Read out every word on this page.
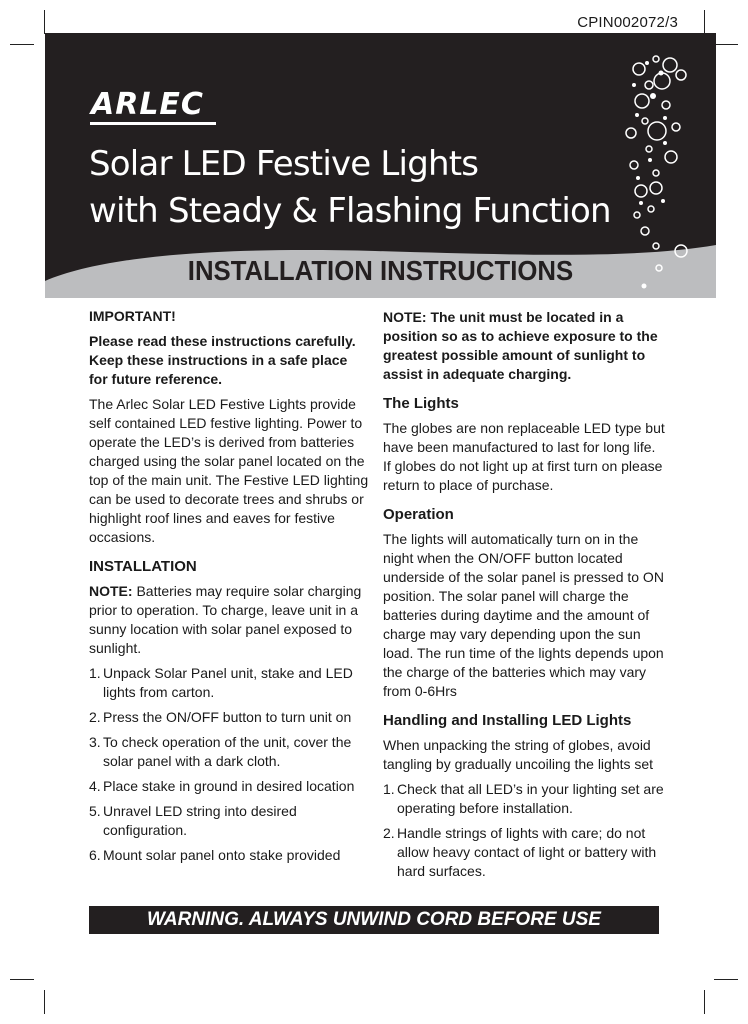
CPIN002072/3
ARLEC
Solar LED Festive Lights
with Steady & Flashing Function
INSTALLATION INSTRUCTIONS

IMPORTANT!

Please read these instructions carefully. Keep these instructions in a safe place for future reference.

The Arlec Solar LED Festive Lights provide self contained LED festive lighting. Power to operate the LED’s is derived from batteries charged using the solar panel located on the top of the main unit. The Festive LED lighting can be used to decorate trees and shrubs or highlight roof lines and eaves for festive occasions.

INSTALLATION

NOTE: Batteries may require solar charging prior to operation. To charge, leave unit in a sunny location with solar panel exposed to sunlight.

1. Unpack Solar Panel unit, stake and LED lights from carton.
2. Press the ON/OFF button to turn unit on
3. To check operation of the unit, cover the solar panel with a dark cloth.
4. Place stake in ground in desired location
5. Unravel LED string into desired configuration.
6. Mount solar panel onto stake provided

NOTE: The unit must be located in a position so as to achieve exposure to the greatest possible amount of sunlight to assist in adequate charging.

The Lights

The globes are non replaceable LED type but have been manufactured to last for long life. If globes do not light up at first turn on please return to place of purchase.

Operation

The lights will automatically turn on in the night when the ON/OFF button located underside of the solar panel is pressed to ON position. The solar panel will charge the batteries during daytime and the amount of charge may vary depending upon the sun load. The run time of the lights depends upon the charge of the batteries which may vary from 0-6Hrs

Handling and Installing LED Lights

When unpacking the string of globes, avoid tangling by gradually uncoiling the lights set

1. Check that all LED’s in your lighting set are operating before installation.
2. Handle strings of lights with care; do not allow heavy contact of light or battery with hard surfaces.
WARNING. ALWAYS UNWIND CORD BEFORE USE
